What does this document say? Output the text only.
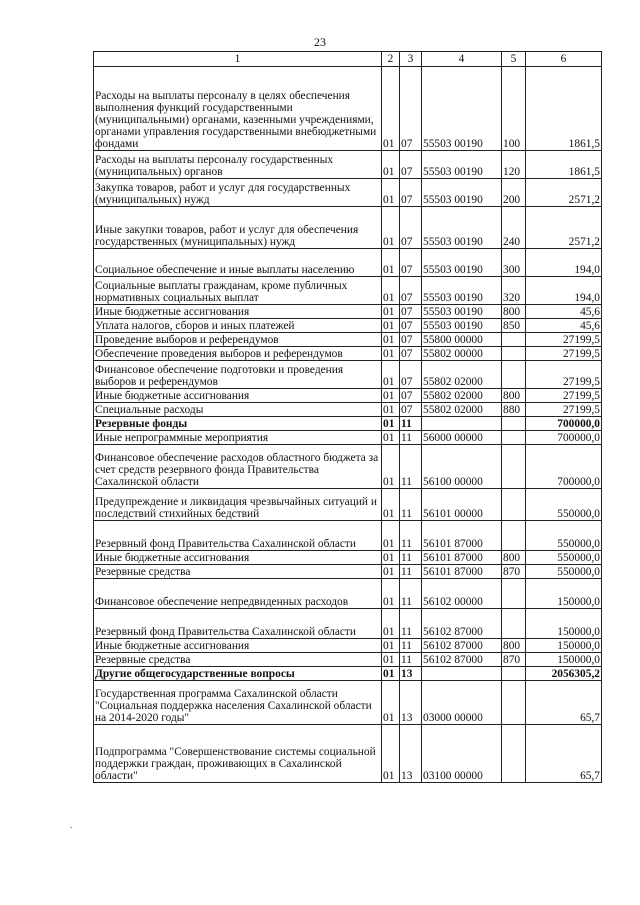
23
1	2	3	4	5	6
Расходы на выплаты персоналу в целях обеспечения выполнения функций государственными (муниципальными) органами, казенными учреждениями, органами управления государственными внебюджетными фондами	01	07	55503 00190	100	1861,5
Расходы на выплаты персоналу государственных (муниципальных) органов	01	07	55503 00190	120	1861,5
Закупка товаров, работ и услуг для государственных (муниципальных) нужд	01	07	55503 00190	200	2571,2
Иные закупки товаров, работ и услуг для обеспечения государственных (муниципальных) нужд	01	07	55503 00190	240	2571,2
Социальное обеспечение и иные выплаты населению	01	07	55503 00190	300	194,0
Социальные выплаты гражданам, кроме публичных нормативных социальных выплат	01	07	55503 00190	320	194,0
Иные бюджетные ассигнования	01	07	55503 00190	800	45,6
Уплата налогов, сборов и иных платежей	01	07	55503 00190	850	45,6
Проведение выборов и референдумов	01	07	55800 00000		27199,5
Обеспечение проведения выборов и референдумов	01	07	55802 00000		27199,5
Финансовое обеспечение подготовки и проведения выборов и референдумов	01	07	55802 02000		27199,5
Иные бюджетные ассигнования	01	07	55802 02000	800	27199,5
Специальные расходы	01	07	55802 02000	880	27199,5
Резервные фонды	01	11			700000,0
Иные непрограммные мероприятия	01	11	56000 00000		700000,0
Финансовое обеспечение расходов областного бюджета за счет средств резервного фонда Правительства Сахалинской области	01	11	56100 00000		700000,0
Предупреждение и ликвидация чрезвычайных ситуаций и последствий стихийных бедствий	01	11	56101 00000		550000,0
Резервный фонд Правительства Сахалинской области	01	11	56101 87000		550000,0
Иные бюджетные ассигнования	01	11	56101 87000	800	550000,0
Резервные средства	01	11	56101 87000	870	550000,0
Финансовое обеспечение непредвиденных расходов	01	11	56102 00000		150000,0
Резервный фонд Правительства Сахалинской области	01	11	56102 87000		150000,0
Иные бюджетные ассигнования	01	11	56102 87000	800	150000,0
Резервные средства	01	11	56102 87000	870	150000,0
Другие общегосударственные вопросы	01	13			2056305,2
Государственная программа Сахалинской области "Социальная поддержка населения Сахалинской области на 2014-2020 годы"	01	13	03000 00000		65,7
Подпрограмма "Совершенствование системы социальной поддержки граждан, проживающих в Сахалинской области"	01	13	03100 00000		65,7
